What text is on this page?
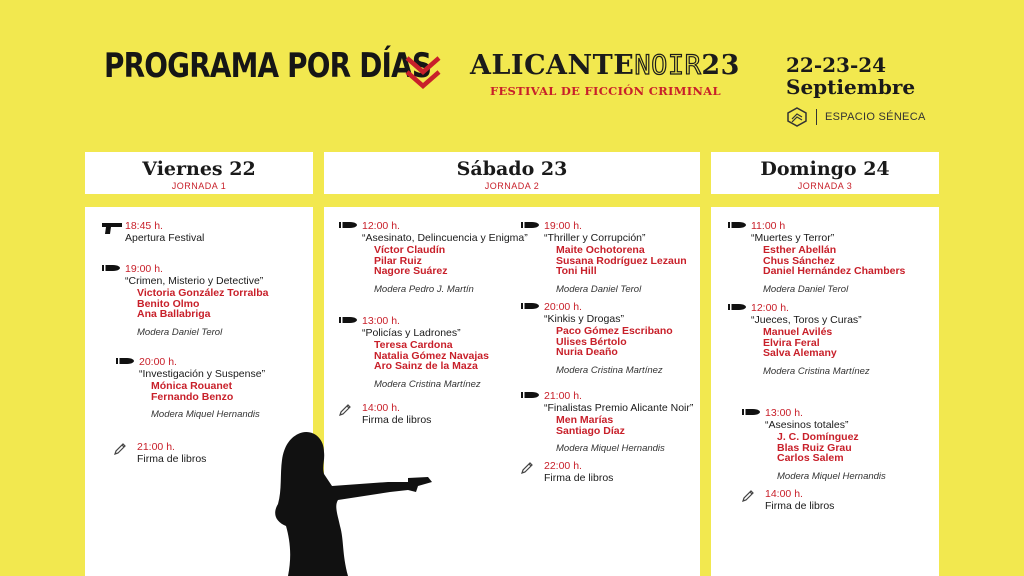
PROGRAMA POR DÍAS ALICANTENOIR23
FESTIVAL DE FICCIÓN CRIMINAL
22-23-24
Septiembre
ESPACIO SÉNECA
Viernes 22
JORNADA 1
18:45 h.
Apertura Festival
19:00 h.
“Crimen, Misterio y Detective”
Victoria González Torralba
Benito Olmo
Ana Ballabriga
Modera Daniel Terol
20:00 h.
“Investigación y Suspense”
Mónica Rouanet
Fernando Benzo
Modera Miquel Hernandis
21:00 h.
Firma de libros
Sábado 23
JORNADA 2
12:00 h.
“Asesinato, Delincuencia y Enigma”
Víctor Claudín
Pilar Ruiz
Nagore Suárez
Modera Pedro J. Martín
13:00 h.
“Policías y Ladrones”
Teresa Cardona
Natalia Gómez Navajas
Aro Sainz de la Maza
Modera Cristina Martínez
14:00 h.
Firma de libros
19:00 h.
“Thriller y Corrupción”
Maite Ochotorena
Susana Rodríguez Lezaun
Toni Hill
Modera Daniel Terol
20:00 h.
“Kinkis y Drogas”
Paco Gómez Escribano
Ulises Bértolo
Nuria Deaño
Modera Cristina Martínez
21:00 h.
“Finalistas Premio Alicante Noir”
Men Marías
Santiago Díaz
Modera Miquel Hernandis
22:00 h.
Firma de libros
Domingo 24
JORNADA 3
11:00 h
“Muertes y Terror”
Esther Abellán
Chus Sánchez
Daniel Hernández Chambers
Modera Daniel Terol
12:00 h.
“Jueces, Toros y Curas”
Manuel Avilés
Elvira Feral
Salva Alemany
Modera Cristina Martínez
13:00 h.
“Asesinos totales”
J. C. Domínguez
Blas Ruiz Grau
Carlos Salem
Modera Miquel Hernandis
14:00 h.
Firma de libros
